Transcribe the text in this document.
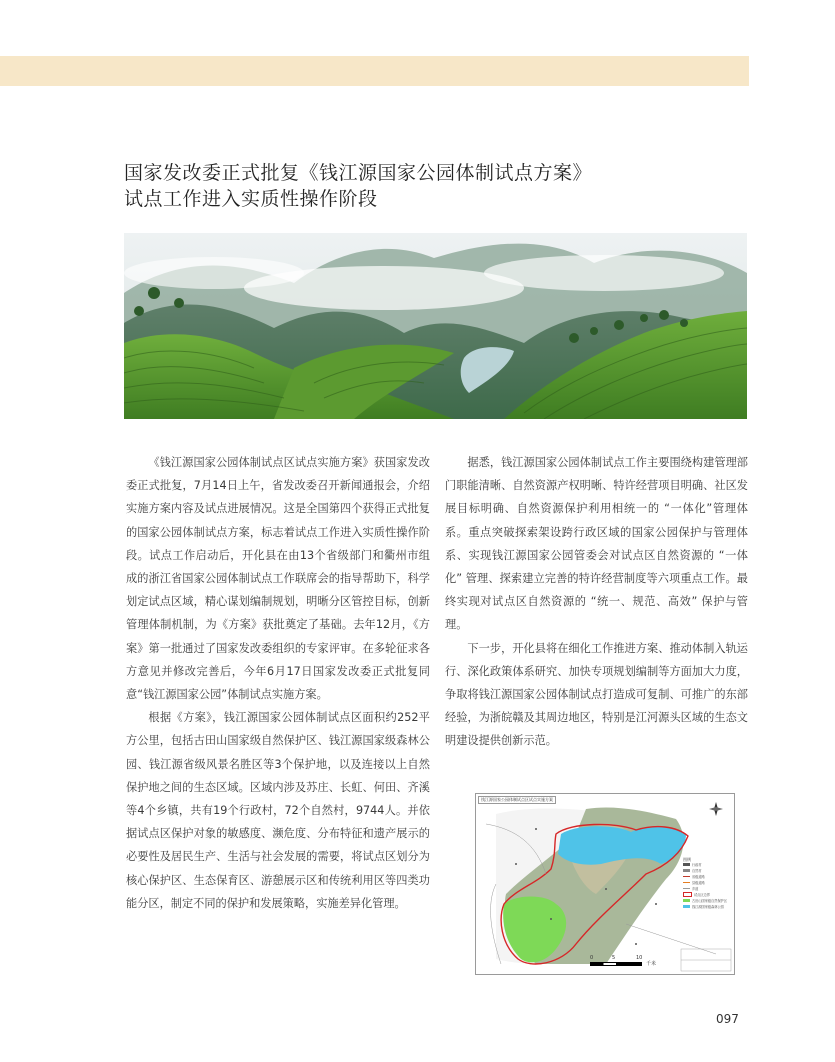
国家发改委正式批复《钱江源国家公园体制试点方案》
试点工作进入实质性操作阶段

《钱江源国家公园体制试点区试点实施方案》获国家发改委正式批复，7月14日上午，省发改委召开新闻通报会，介绍实施方案内容及试点进展情况。这是全国第四个获得正式批复的国家公园体制试点方案，标志着试点工作进入实质性操作阶段。试点工作启动后，开化县在由13个省级部门和衢州市组成的浙江省国家公园体制试点工作联席会的指导帮助下，科学划定试点区域，精心谋划编制规划，明晰分区管控目标，创新管理体制机制，为《方案》获批奠定了基础。去年12月，《方案》第一批通过了国家发改委组织的专家评审。在多轮征求各方意见并修改完善后，今年6月17日国家发改委正式批复同意“钱江源国家公园”体制试点实施方案。

根据《方案》，钱江源国家公园体制试点区面积约252平方公里，包括古田山国家级自然保护区、钱江源国家级森林公园、钱江源省级风景名胜区等3个保护地，以及连接以上自然保护地之间的生态区域。区域内涉及苏庄、长虹、何田、齐溪等4个乡镇，共有19个行政村，72个自然村，9744人。并依据试点区保护对象的敏感度、濒危度、分布特征和遗产展示的必要性及居民生产、生活与社会发展的需要，将试点区划分为核心保护区、生态保育区、游憩展示区和传统利用区等四类功能分区，制定不同的保护和发展策略，实施差异化管理。

据悉，钱江源国家公园体制试点工作主要围绕构建管理部门职能清晰、自然资源产权明晰、特许经营项目明确、社区发展目标明确、自然资源保护利用相统一的 “一体化”管理体系。重点突破探索架设跨行政区域的国家公园保护与管理体系、实现钱江源国家公园管委会对试点区自然资源的 “一体化” 管理、探索建立完善的特许经营制度等六项重点工作。最终实现对试点区自然资源的 “统一、规范、高效” 保护与管理。

下一步，开化县将在细化工作推进方案、推动体制入轨运行、深化政策体系研究、加快专项规划编制等方面加大力度，争取将钱江源国家公园体制试点打造成可复制、可推广的东部经验，为浙皖赣及其周边地区，特别是江河源头区域的生态文明建设提供创新示范。

钱江源国家公园体制试点区试点实施方案
图例
行政村
自然村
省级道路
县级道路
乡道
试点区边界
古田山国家级自然保护区
钱江源国家级森林公园
0	5	10
千米
097
